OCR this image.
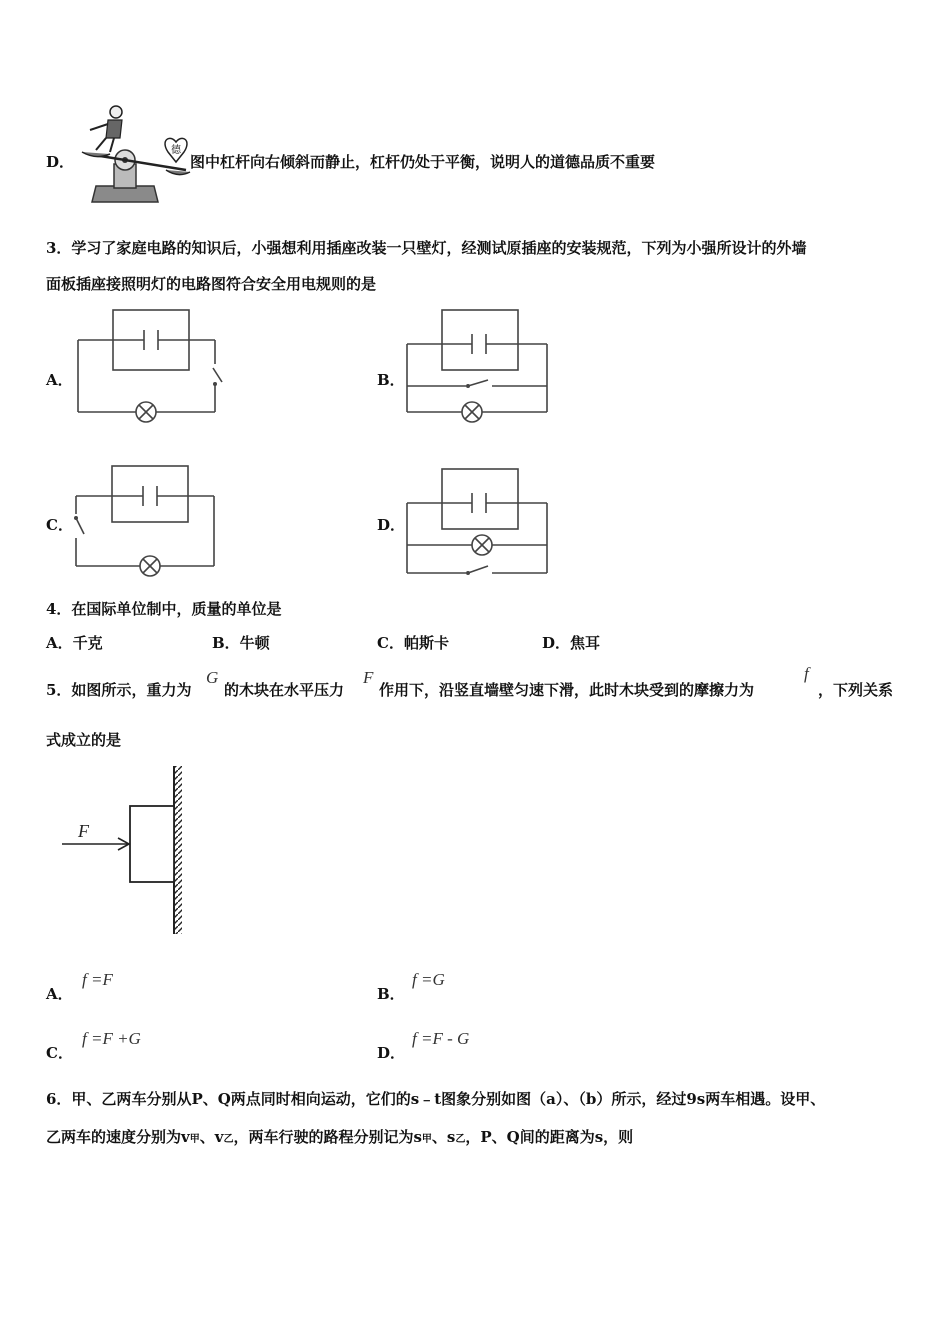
D．
德
图中杠杆向右倾斜而静止，杠杆仍处于平衡，说明人的道德品质不重要
3．学习了家庭电路的知识后，小强想利用插座改装一只壁灯，经测试原插座的安装规范，下列为小强所设计的外墙
面板插座接照明灯的电路图符合安全用电规则的是
A．	B．
C．	D．
4．在国际单位制中，质量的单位是
A．千克	B．牛顿	C．帕斯卡	D．焦耳
5．如图所示，重力为
G
的木块在水平压力
F
作用下，沿竖直墙壁匀速下滑，此时木块受到的摩擦力为
f
，下列关系
式成立的是
F
A．
f =F
B．
f =G
C．
f =F +G
D．
f =F - G
6．甲、乙两车分别从P、Q两点同时相向运动，它们的s﹣t图象分别如图（a）、（b）所示，经过9s两车相遇。设甲、
乙两车的速度分别为v甲、v乙，两车行驶的路程分别记为s甲、s乙，P、Q间的距离为s，则
